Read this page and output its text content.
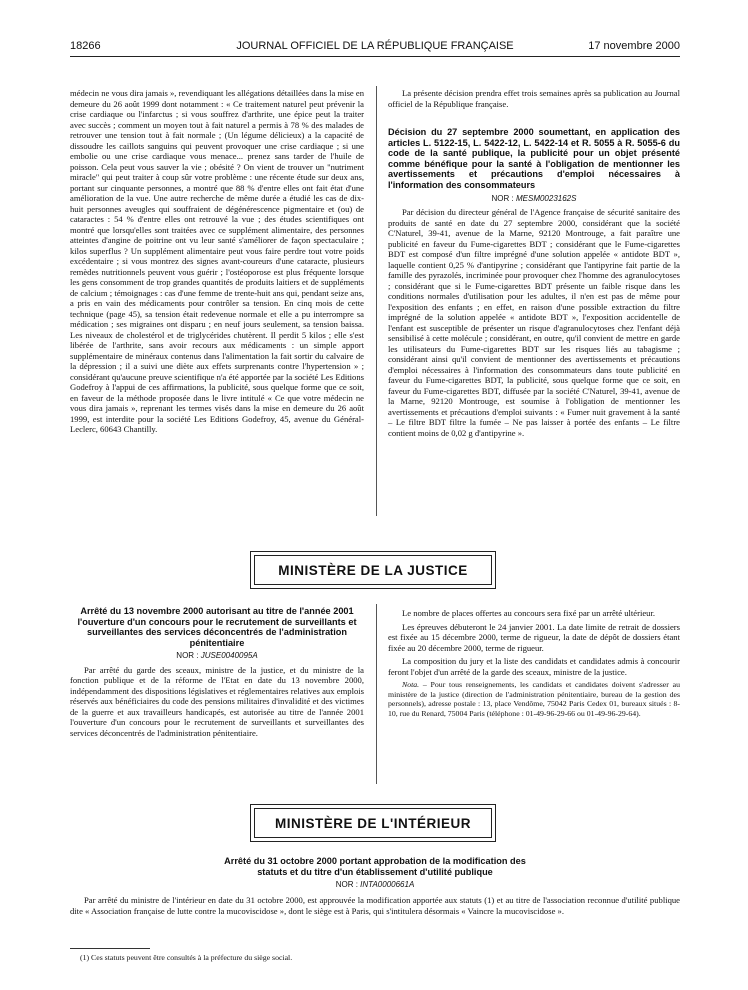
18266	JOURNAL OFFICIEL DE LA RÉPUBLIQUE FRANÇAISE	17 novembre 2000

médecin ne vous dira jamais », revendiquant les allégations détaillées dans la mise en demeure du 26 août 1999 dont notamment : « Ce traitement naturel peut prévenir la crise cardiaque ou l'infarctus ; si vous souffrez d'arthrite, une épice peut la traiter avec succès ; comment un moyen tout à fait naturel a permis à 78 % des malades de retrouver une tension tout à fait normale ; (Un légume délicieux) a la capacité de dissoudre les caillots sanguins qui peuvent provoquer une crise cardiaque ; si une embolie ou une crise cardiaque vous menace... prenez sans tarder de l'huile de poisson. Cela peut vous sauver la vie ; obésité ? On vient de trouver un "nutriment miracle" qui peut traiter à coup sûr votre problème : une récente étude sur deux ans, portant sur cinquante personnes, a montré que 88 % d'entre elles ont fait état d'une amélioration de la vue. Une autre recherche de même durée a étudié les cas de dix-huit personnes aveugles qui souffraient de dégénérescence pigmentaire et (ou) de cataractes : 54 % d'entre elles ont retrouvé la vue ; des études scientifiques ont montré que lorsqu'elles sont traitées avec ce supplément alimentaire, des personnes atteintes d'angine de poitrine ont vu leur santé s'améliorer de façon spectaculaire ; kilos superflus ? Un supplément alimentaire peut vous faire perdre tout votre poids excédentaire ; si vous montrez des signes avant-coureurs d'une cataracte, plusieurs remèdes nutritionnels peuvent vous guérir ; l'ostéoporose est plus fréquente lorsque les gens consomment de trop grandes quantités de produits laitiers et de suppléments de calcium ; témoignages : cas d'une femme de trente-huit ans qui, pendant seize ans, a pris en vain des médicaments pour contrôler sa tension. En cinq mois de cette technique (page 45), sa tension était redevenue normale et elle a pu interrompre sa médication ; ses migraines ont disparu ; en neuf jours seulement, sa tension baissa. Les niveaux de cholestérol et de triglycérides chutèrent. Il perdit 5 kilos ; elle s'est libérée de l'arthrite, sans avoir recours aux médicaments : un simple apport supplémentaire de minéraux contenus dans l'alimentation la fait sortir du calvaire de la dépression ; il a suivi une diète aux effets surprenants contre l'hypertension » ; considérant qu'aucune preuve scientifique n'a été apportée par la société Les Editions Godefroy à l'appui de ces affirmations, la publicité, sous quelque forme que ce soit, en faveur de la méthode proposée dans le livre intitulé « Ce que votre médecin ne vous dira jamais », reprenant les termes visés dans la mise en demeure du 26 août 1999, est interdite pour la société Les Editions Godefroy, 45, avenue du Général-Leclerc, 60643 Chantilly.

La présente décision prendra effet trois semaines après sa publication au Journal officiel de la République française.

Décision du 27 septembre 2000 soumettant, en application des articles L. 5122-15, L. 5422-12, L. 5422-14 et R. 5055 à R. 5055-6 du code de la santé publique, la publicité pour un objet présenté comme bénéfique pour la santé à l'obligation de mentionner les avertissements et précautions d'emploi nécessaires à l'information des consommateurs

NOR : MESM0023162S

Par décision du directeur général de l'Agence française de sécurité sanitaire des produits de santé en date du 27 septembre 2000, considérant que la société C'Naturel, 39-41, avenue de la Marne, 92120 Montrouge, a fait paraître une publicité en faveur du Fume-cigarettes BDT ; considérant que le Fume-cigarettes BDT est composé d'un filtre imprégné d'une solution appelée « antidote BDT », laquelle contient 0,25 % d'antipyrine ; considérant que l'antipyrine fait partie de la famille des pyrazolés, incriminée pour provoquer chez l'homme des agranulocytoses ; considérant que si le Fume-cigarettes BDT présente un faible risque dans les conditions normales d'utilisation pour les adultes, il n'en est pas de même pour l'exposition des enfants ; en effet, en raison d'une possible extraction du filtre imprégné de la solution appelée « antidote BDT », l'exposition accidentelle de l'enfant est susceptible de présenter un risque d'agranulocytoses chez l'enfant déjà sensibilisé à cette molécule ; considérant, en outre, qu'il convient de mettre en garde les utilisateurs du Fume-cigarettes BDT sur les risques liés au tabagisme ; considérant ainsi qu'il convient de mentionner des avertissements et précautions d'emploi nécessaires à l'information des consommateurs dans toute publicité en faveur du Fume-cigarettes BDT, la publicité, sous quelque forme que ce soit, en faveur du Fume-cigarettes BDT, diffusée par la société C'Naturel, 39-41, avenue de la Marne, 92120 Montrouge, est soumise à l'obligation de mentionner les avertissements et précautions d'emploi suivants : « Fumer nuit gravement à la santé – Le filtre BDT filtre la fumée – Ne pas laisser à portée des enfants – Le filtre contient moins de 0,02 g d'antipyrine ».

MINISTÈRE DE LA JUSTICE

Arrêté du 13 novembre 2000 autorisant au titre de l'année 2001 l'ouverture d'un concours pour le recrutement de surveillants et surveillantes des services déconcentrés de l'administration pénitentiaire

NOR : JUSE0040095A

Par arrêté du garde des sceaux, ministre de la justice, et du ministre de la fonction publique et de la réforme de l'Etat en date du 13 novembre 2000, indépendamment des dispositions législatives et réglementaires relatives aux emplois réservés aux bénéficiaires du code des pensions militaires d'invalidité et des victimes de la guerre et aux travailleurs handicapés, est autorisée au titre de l'année 2001 l'ouverture d'un concours pour le recrutement de surveillants et surveillantes des services déconcentrés de l'administration pénitentiaire.

Le nombre de places offertes au concours sera fixé par un arrêté ultérieur.

Les épreuves débuteront le 24 janvier 2001. La date limite de retrait de dossiers est fixée au 15 décembre 2000, terme de rigueur, la date de dépôt de dossiers étant fixée au 20 décembre 2000, terme de rigueur.

La composition du jury et la liste des candidats et candidates admis à concourir feront l'objet d'un arrêté de la garde des sceaux, ministre de la justice.

Nota. – Pour tous renseignements, les candidats et candidates doivent s'adresser au ministère de la justice (direction de l'administration pénitentiaire, bureau de la gestion des personnels), adresse postale : 13, place Vendôme, 75042 Paris Cedex 01, bureaux situés : 8-10, rue du Renard, 75004 Paris (téléphone : 01-49-96-29-66 ou 01-49-96-29-64).

MINISTÈRE DE L'INTÉRIEUR

Arrêté du 31 octobre 2000 portant approbation de la modification des statuts et du titre d'un établissement d'utilité publique

NOR : INTA0000661A

Par arrêté du ministre de l'intérieur en date du 31 octobre 2000, est approuvée la modification apportée aux statuts (1) et au titre de l'association reconnue d'utilité publique dite « Association française de lutte contre la mucoviscidose », dont le siège est à Paris, qui s'intitulera désormais « Vaincre la mucoviscidose ».

(1) Ces statuts peuvent être consultés à la préfecture du siège social.
